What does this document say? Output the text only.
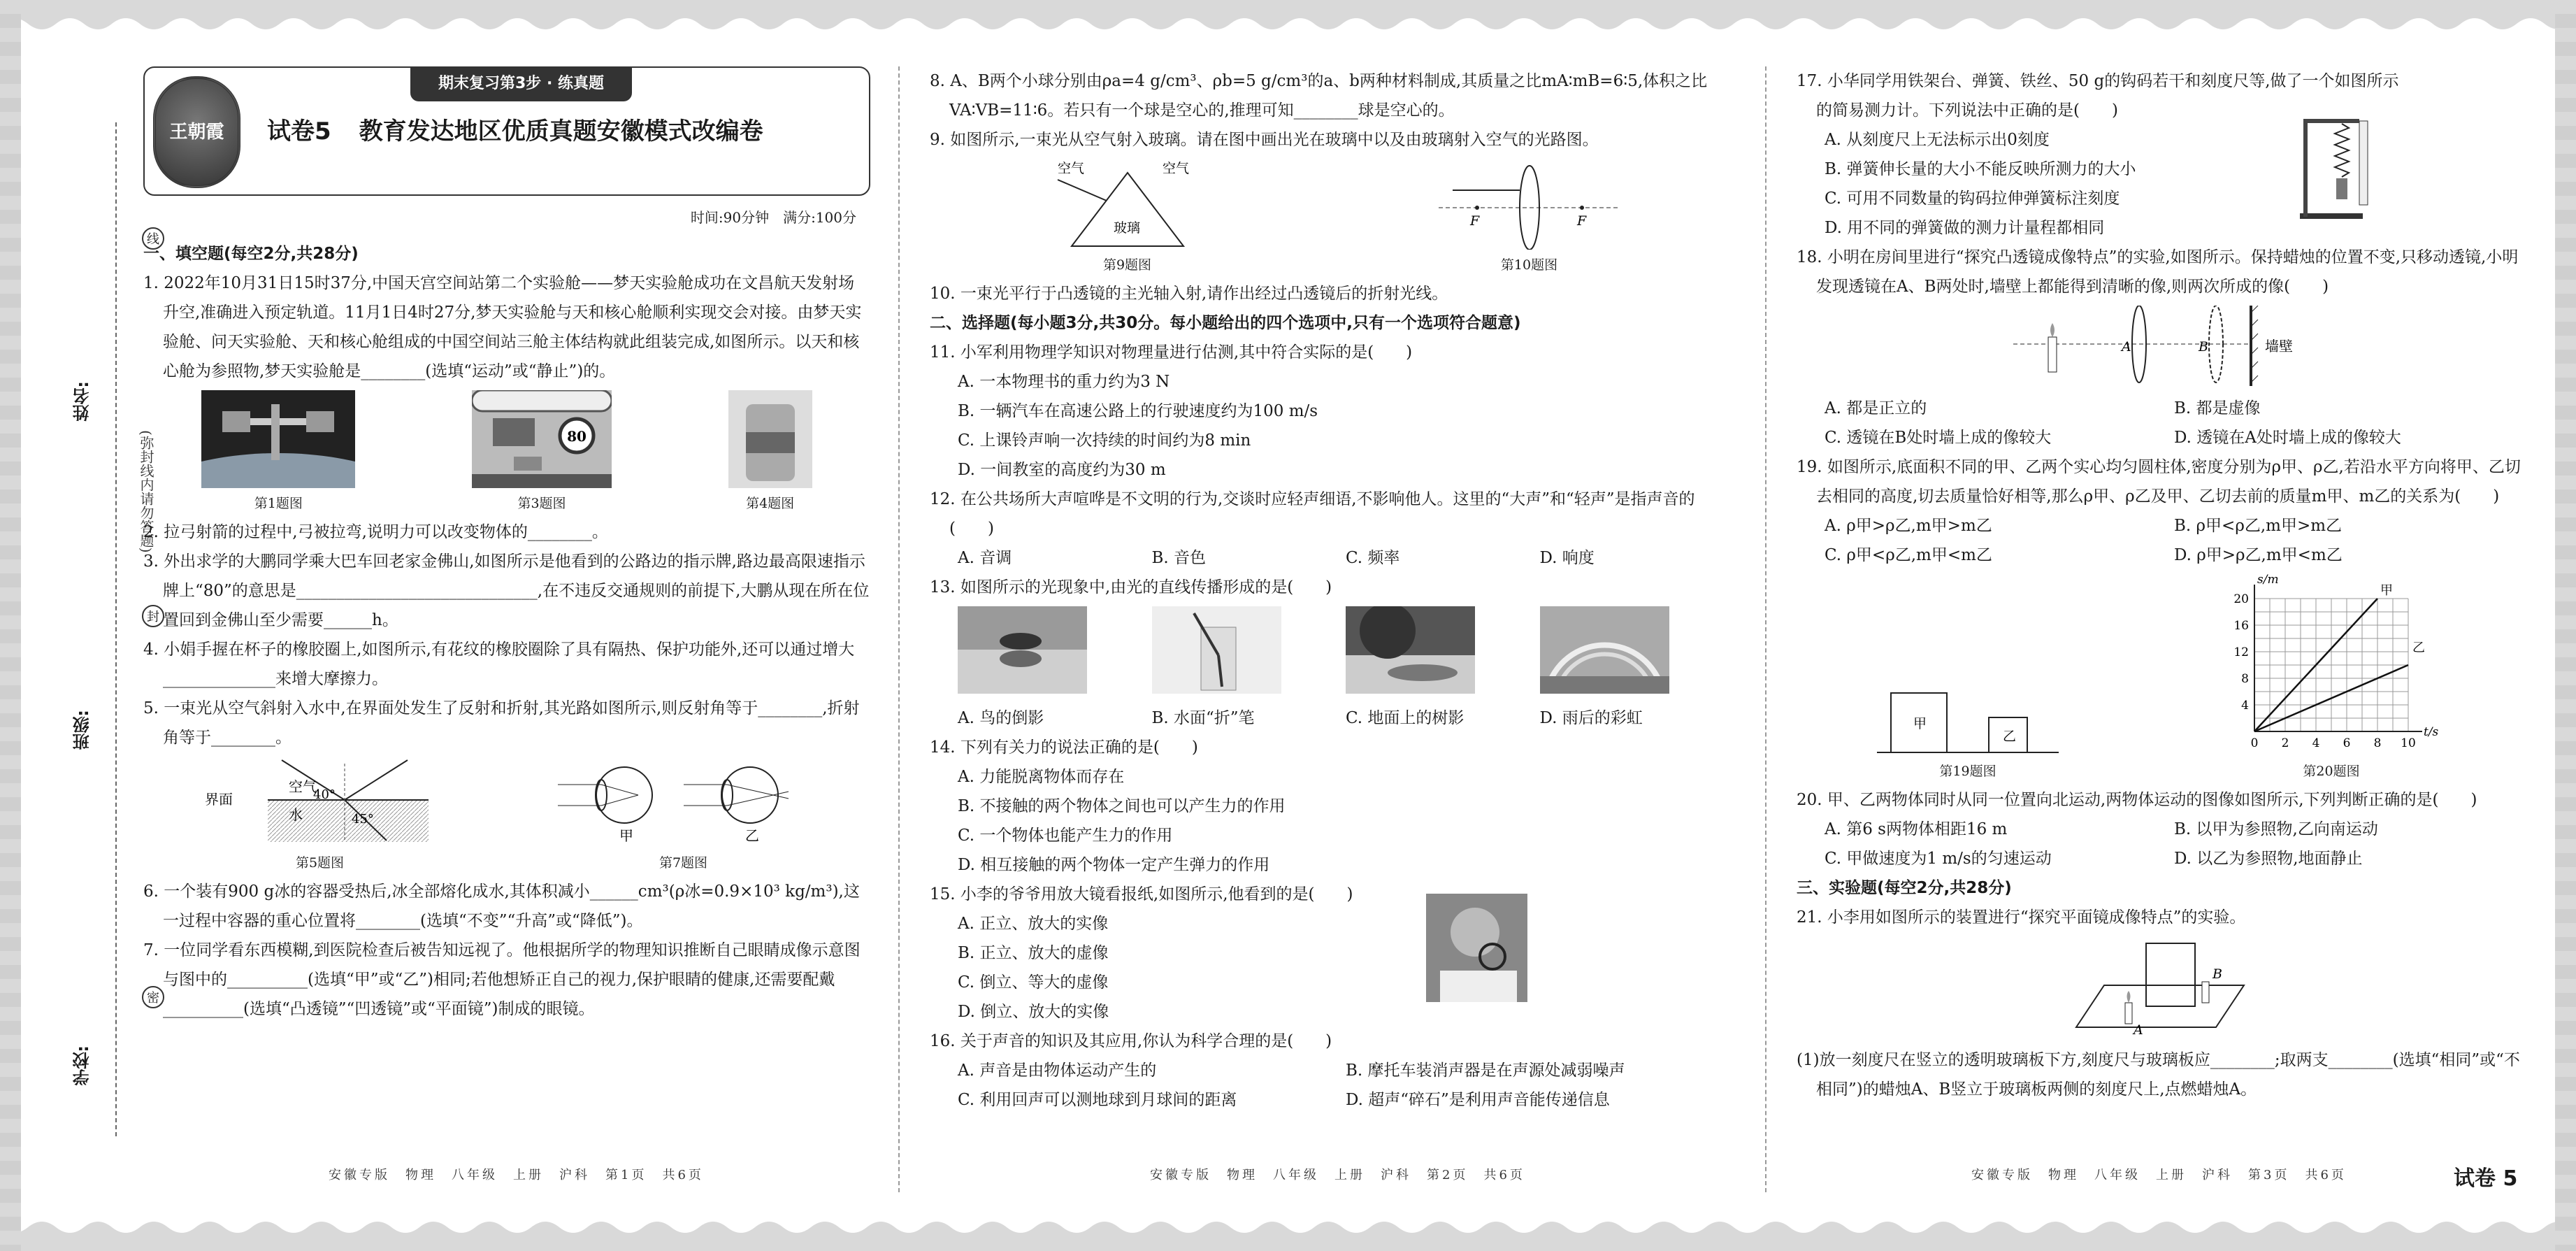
姓名:
班级:
学校:
(弥封线内请勿答题)
线
封
密
期末复习第3步 · 练真题
王朝霞	试卷5 教育发达地区优质真题安徽模式改编卷
时间:90分钟　满分:100分
一、填空题(每空2分,共28分)
1. 2022年10月31日15时37分,中国天宫空间站第二个实验舱——梦天实验舱成功在文昌航天发射场升空,准确进入预定轨道。11月1日4时27分,梦天实验舱与天和核心舱顺利实现交会对接。由梦天实验舱、问天实验舱、天和核心舱组成的中国空间站三舱主体结构就此组装完成,如图所示。以天和核心舱为参照物,梦天实验舱是________(选填“运动”或“静止”)的。
第1题图
80
第3题图	第4题图
2. 拉弓射箭的过程中,弓被拉弯,说明力可以改变物体的________。
3. 外出求学的大鹏同学乘大巴车回老家金佛山,如图所示是他看到的公路边的指示牌,路边最高限速指示牌上“80”的意思是______________________________,在不违反交通规则的前提下,大鹏从现在所在位置回到金佛山至少需要______h。
4. 小娟手握在杯子的橡胶圈上,如图所示,有花纹的橡胶圈除了具有隔热、保护功能外,还可以通过增大______________来增大摩擦力。
5. 一束光从空气斜射入水中,在界面处发生了反射和折射,其光路如图所示,则反射角等于________,折射角等于________。
界面
空气
水
40°
45°
第5题图
甲	乙
第7题图
6. 一个装有900 g冰的容器受热后,冰全部熔化成水,其体积减小______cm³(ρ冰=0.9×10³ kg/m³),这一过程中容器的重心位置将________(选填“不变”“升高”或“降低”)。
7. 一位同学看东西模糊,到医院检查后被告知远视了。他根据所学的物理知识推断自己眼睛成像示意图与图中的__________(选填“甲”或“乙”)相同;若他想矫正自己的视力,保护眼睛的健康,还需要配戴__________(选填“凸透镜”“凹透镜”或“平面镜”)制成的眼镜。
安徽专版　物理　八年级　上册　沪科　第1页　共6页
8. A、B两个小球分别由ρa=4 g/cm³、ρb=5 g/cm³的a、b两种材料制成,其质量之比mA∶mB=6∶5,体积之比VA∶VB=11∶6。若只有一个球是空心的,推理可知________球是空心的。
9. 如图所示,一束光从空气射入玻璃。请在图中画出光在玻璃中以及由玻璃射入空气的光路图。
空气	空气
玻璃
第9题图
F	F
第10题图
10. 一束光平行于凸透镜的主光轴入射,请作出经过凸透镜后的折射光线。
二、选择题(每小题3分,共30分。每小题给出的四个选项中,只有一个选项符合题意)
11. 小军利用物理学知识对物理量进行估测,其中符合实际的是(　　)
A. 一本物理书的重力约为3 N
B. 一辆汽车在高速公路上的行驶速度约为100 m/s
C. 上课铃声响一次持续的时间约为8 min
D. 一间教室的高度约为30 m
12. 在公共场所大声喧哗是不文明的行为,交谈时应轻声细语,不影响他人。这里的“大声”和“轻声”是指声音的(　　)
A. 音调	B. 音色	C. 频率	D. 响度
13. 如图所示的光现象中,由光的直线传播形成的是(　　)
A. 鸟的倒影	B. 水面“折”笔	C. 地面上的树影	D. 雨后的彩虹
14. 下列有关力的说法正确的是(　　)
A. 力能脱离物体而存在
B. 不接触的两个物体之间也可以产生力的作用
C. 一个物体也能产生力的作用
D. 相互接触的两个物体一定产生弹力的作用
15. 小李的爷爷用放大镜看报纸,如图所示,他看到的是(　　)
A. 正立、放大的实像
B. 正立、放大的虚像
C. 倒立、等大的虚像
D. 倒立、放大的实像
16. 关于声音的知识及其应用,你认为科学合理的是(　　)
A. 声音是由物体运动产生的	B. 摩托车装消声器是在声源处减弱噪声
C. 利用回声可以测地球到月球间的距离	D. 超声“碎石”是利用声音能传递信息
安徽专版　物理　八年级　上册　沪科　第2页　共6页
17. 小华同学用铁架台、弹簧、铁丝、50 g的钩码若干和刻度尺等,做了一个如图所示的简易测力计。下列说法中正确的是(　　)
A. 从刻度尺上无法标示出0刻度
B. 弹簧伸长量的大小不能反映所测力的大小
C. 可用不同数量的钩码拉伸弹簧标注刻度
D. 用不同的弹簧做的测力计量程都相同
18. 小明在房间里进行“探究凸透镜成像特点”的实验,如图所示。保持蜡烛的位置不变,只移动透镜,小明发现透镜在A、B两处时,墙壁上都能得到清晰的像,则两次所成的像(　　)
A	B	墙壁
A. 都是正立的	B. 都是虚像
C. 透镜在B处时墙上成的像较大	D. 透镜在A处时墙上成的像较大
19. 如图所示,底面积不同的甲、乙两个实心均匀圆柱体,密度分别为ρ甲、ρ乙,若沿水平方向将甲、乙切去相同的高度,切去质量恰好相等,那么ρ甲、ρ乙及甲、乙切去前的质量m甲、m乙的关系为(　　)
A. ρ甲>ρ乙,m甲>m乙	B. ρ甲<ρ乙,m甲>m乙
C. ρ甲<ρ乙,m甲<m乙	D. ρ甲>ρ乙,m甲<m乙
甲
乙
第19题图
0 2 4 6 8 10
4
8
12
16
20
t/s
s/m
甲
乙
第20题图
20. 甲、乙两物体同时从同一位置向北运动,两物体运动的图像如图所示,下列判断正确的是(　　)
A. 第6 s两物体相距16 m	B. 以甲为参照物,乙向南运动
C. 甲做速度为1 m/s的匀速运动	D. 以乙为参照物,地面静止
三、实验题(每空2分,共28分)
21. 小李用如图所示的装置进行“探究平面镜成像特点”的实验。
A
B
(1)放一刻度尺在竖立的透明玻璃板下方,刻度尺与玻璃板应________;取两支________(选填“相同”或“不相同”)的蜡烛A、B竖立于玻璃板两侧的刻度尺上,点燃蜡烛A。
安徽专版　物理　八年级　上册　沪科　第3页　共6页	试卷 5
